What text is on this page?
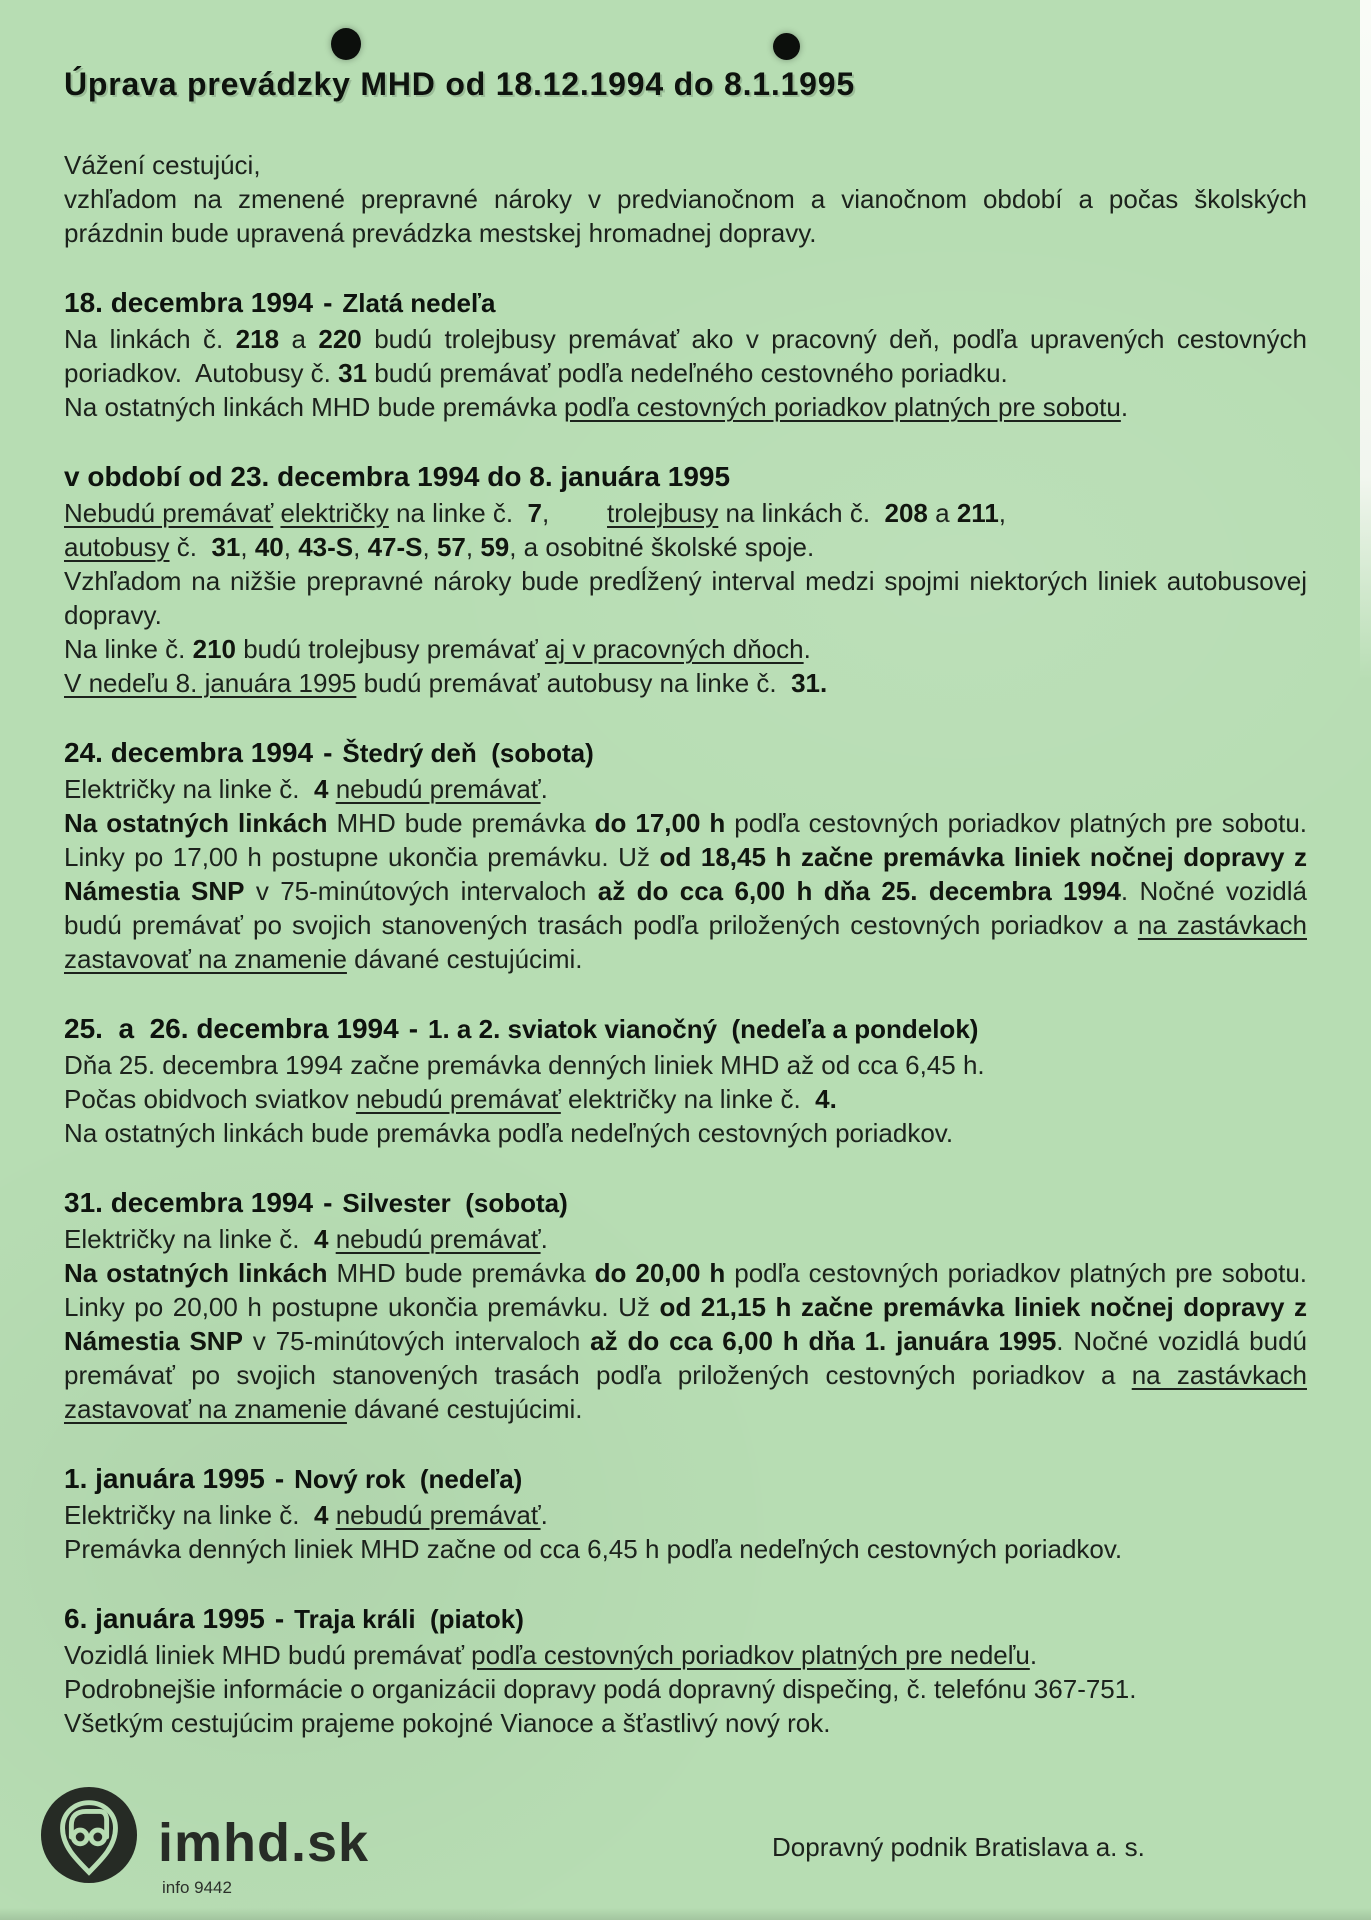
Úprava prevádzky MHD od 18.12.1994 do 8.1.1995

Vážení cestujúci,

vzhľadom na zmenené prepravné nároky v predvianočnom a vianočnom období a počas školských prázdnin bude upravená prevádzka mestskej hromadnej dopravy.

18. decembra 1994 - Zlatá nedeľa

Na linkách č. 218 a 220 budú trolejbusy premávať ako v pracovný deň, podľa upravených cestovných poriadkov.  Autobusy č. 31 budú premávať podľa nedeľného cestovného poriadku.

Na ostatných linkách MHD bude premávka podľa cestovných poriadkov platných pre sobotu.

v období od 23. decembra 1994 do 8. januára 1995

Nebudú premávať električky na linke č.  7,        trolejbusy na linkách č.  208 a 211,

autobusy č.  31, 40, 43-S, 47-S, 57, 59, a osobitné školské spoje.

Vzhľadom na nižšie prepravné nároky bude predĺžený interval medzi spojmi niektorých liniek autobusovej dopravy.

Na linke č. 210 budú trolejbusy premávať aj v pracovných dňoch.

V nedeľu 8. januára 1995 budú premávať autobusy na linke č.  31.

24. decembra 1994 - Štedrý deň  (sobota)

Električky na linke č.  4 nebudú premávať.

Na ostatných linkách MHD bude premávka do 17,00 h podľa cestovných poriadkov platných pre sobotu. Linky po 17,00 h postupne ukončia premávku. Už od 18,45 h začne premávka liniek nočnej dopravy z Námestia SNP v 75-minútových intervaloch až do cca 6,00 h dňa 25. decembra 1994. Nočné vozidlá budú premávať po svojich stanovených trasách podľa priložených cestovných poriadkov a na zastávkach zastavovať na znamenie dávané cestujúcimi.

25.  a  26. decembra 1994 - 1. a 2. sviatok vianočný  (nedeľa a pondelok)

Dňa 25. decembra 1994 začne premávka denných liniek MHD až od cca 6,45 h.

Počas obidvoch sviatkov nebudú premávať električky na linke č.  4.

Na ostatných linkách bude premávka podľa nedeľných cestovných poriadkov.

31. decembra 1994 - Silvester  (sobota)

Električky na linke č.  4 nebudú premávať.

Na ostatných linkách MHD bude premávka do 20,00 h podľa cestovných poriadkov platných pre sobotu. Linky po 20,00 h postupne ukončia premávku. Už od 21,15 h začne premávka liniek nočnej dopravy z Námestia SNP v 75-minútových intervaloch až do cca 6,00 h dňa 1. januára 1995. Nočné vozidlá budú premávať po svojich stanovených trasách podľa priložených cestovných poriadkov a na zastávkach zastavovať na znamenie dávané cestujúcimi.

1. januára 1995 - Nový rok  (nedeľa)

Električky na linke č.  4 nebudú premávať.

Premávka denných liniek MHD začne od cca 6,45 h podľa nedeľných cestovných poriadkov.

6. januára 1995 - Traja králi  (piatok)

Vozidlá liniek MHD budú premávať podľa cestovných poriadkov platných pre nedeľu.

Podrobnejšie informácie o organizácii dopravy podá dopravný dispečing, č. telefónu 367-751.

Všetkým cestujúcim prajeme pokojné Vianoce a šťastlivý nový rok.

imhd.sk
info 9442
Dopravný podnik Bratislava a. s.
